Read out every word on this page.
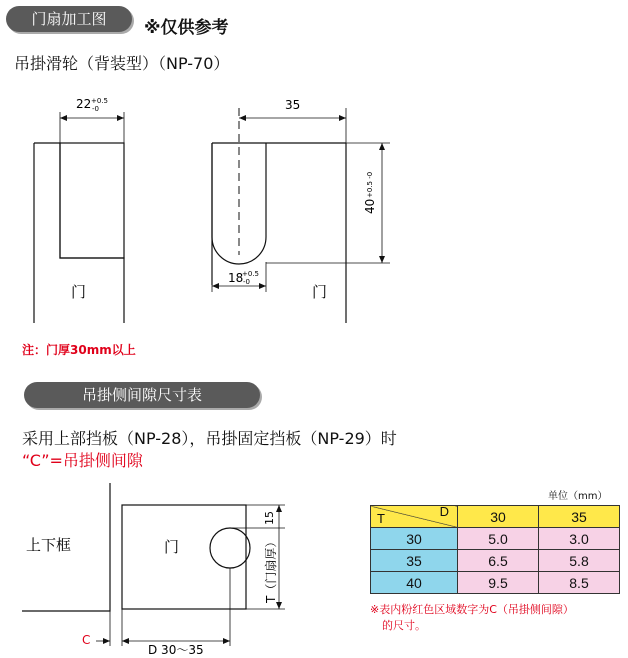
门扇加工图	※仅供参考
吊掛滑轮（背装型）（NP-70）
22 +0.5
-0	35
40
+0.5 -0
18
+0.5
-0
门	门
注：门厚30mm以上
吊掛侧间隙尺寸表
采用上部挡板（NP-28），吊掛固定挡板（NP-29）时
“C”=吊掛侧间隙
上下框	门
15
T（门扇厚）
C
D 30～35
单位（mm）
T D	30	35
30	5.0	3.0
35	6.5	5.8
40	9.5	8.5
※表内粉红色区域数字为C（吊掛侧间隙）
的尺寸。
